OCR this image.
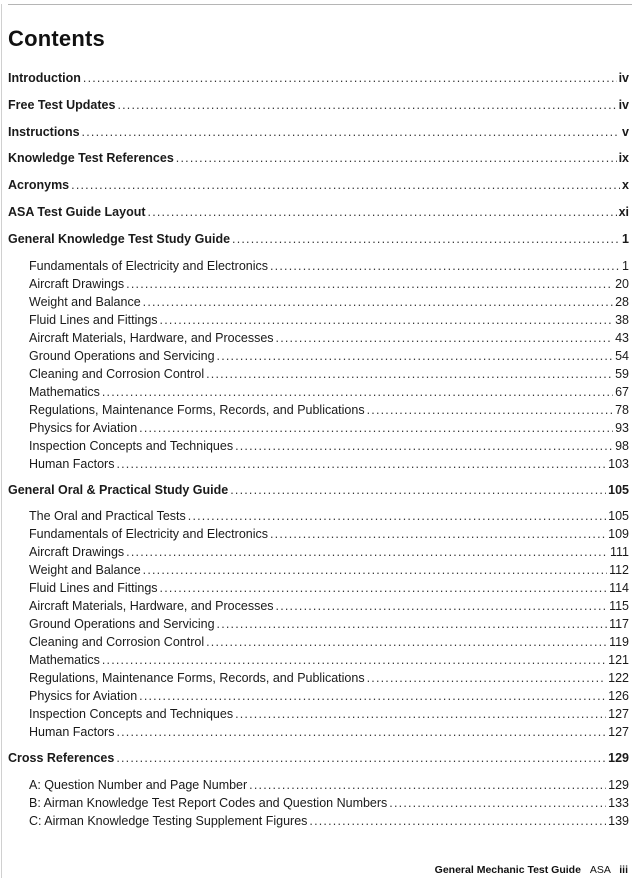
Contents
Introduction .....	iv
Free Test Updates .....	iv
Instructions .....	v
Knowledge Test References .....	ix
Acronyms .....	x
ASA Test Guide Layout .....	xi
General Knowledge Test Study Guide .....	1
Fundamentals of Electricity and Electronics .....	1
Aircraft Drawings .....	20
Weight and Balance .....	28
Fluid Lines and Fittings .....	38
Aircraft Materials, Hardware, and Processes .....	43
Ground Operations and Servicing .....	54
Cleaning and Corrosion Control .....	59
Mathematics .....	67
Regulations, Maintenance Forms, Records, and Publications .....	78
Physics for Aviation .....	93
Inspection Concepts and Techniques .....	98
Human Factors .....	103
General Oral & Practical Study Guide .....	105
The Oral and Practical Tests .....	105
Fundamentals of Electricity and Electronics .....	109
Aircraft Drawings .....	111
Weight and Balance .....	112
Fluid Lines and Fittings .....	114
Aircraft Materials, Hardware, and Processes .....	115
Ground Operations and Servicing .....	117
Cleaning and Corrosion Control .....	119
Mathematics .....	121
Regulations, Maintenance Forms, Records, and Publications .....	122
Physics for Aviation .....	126
Inspection Concepts and Techniques .....	127
Human Factors .....	127
Cross References .....	129
A: Question Number and Page Number .....	129
B: Airman Knowledge Test Report Codes and Question Numbers .....	133
C: Airman Knowledge Testing Supplement Figures .....	139
General Mechanic Test Guide ASA iii
